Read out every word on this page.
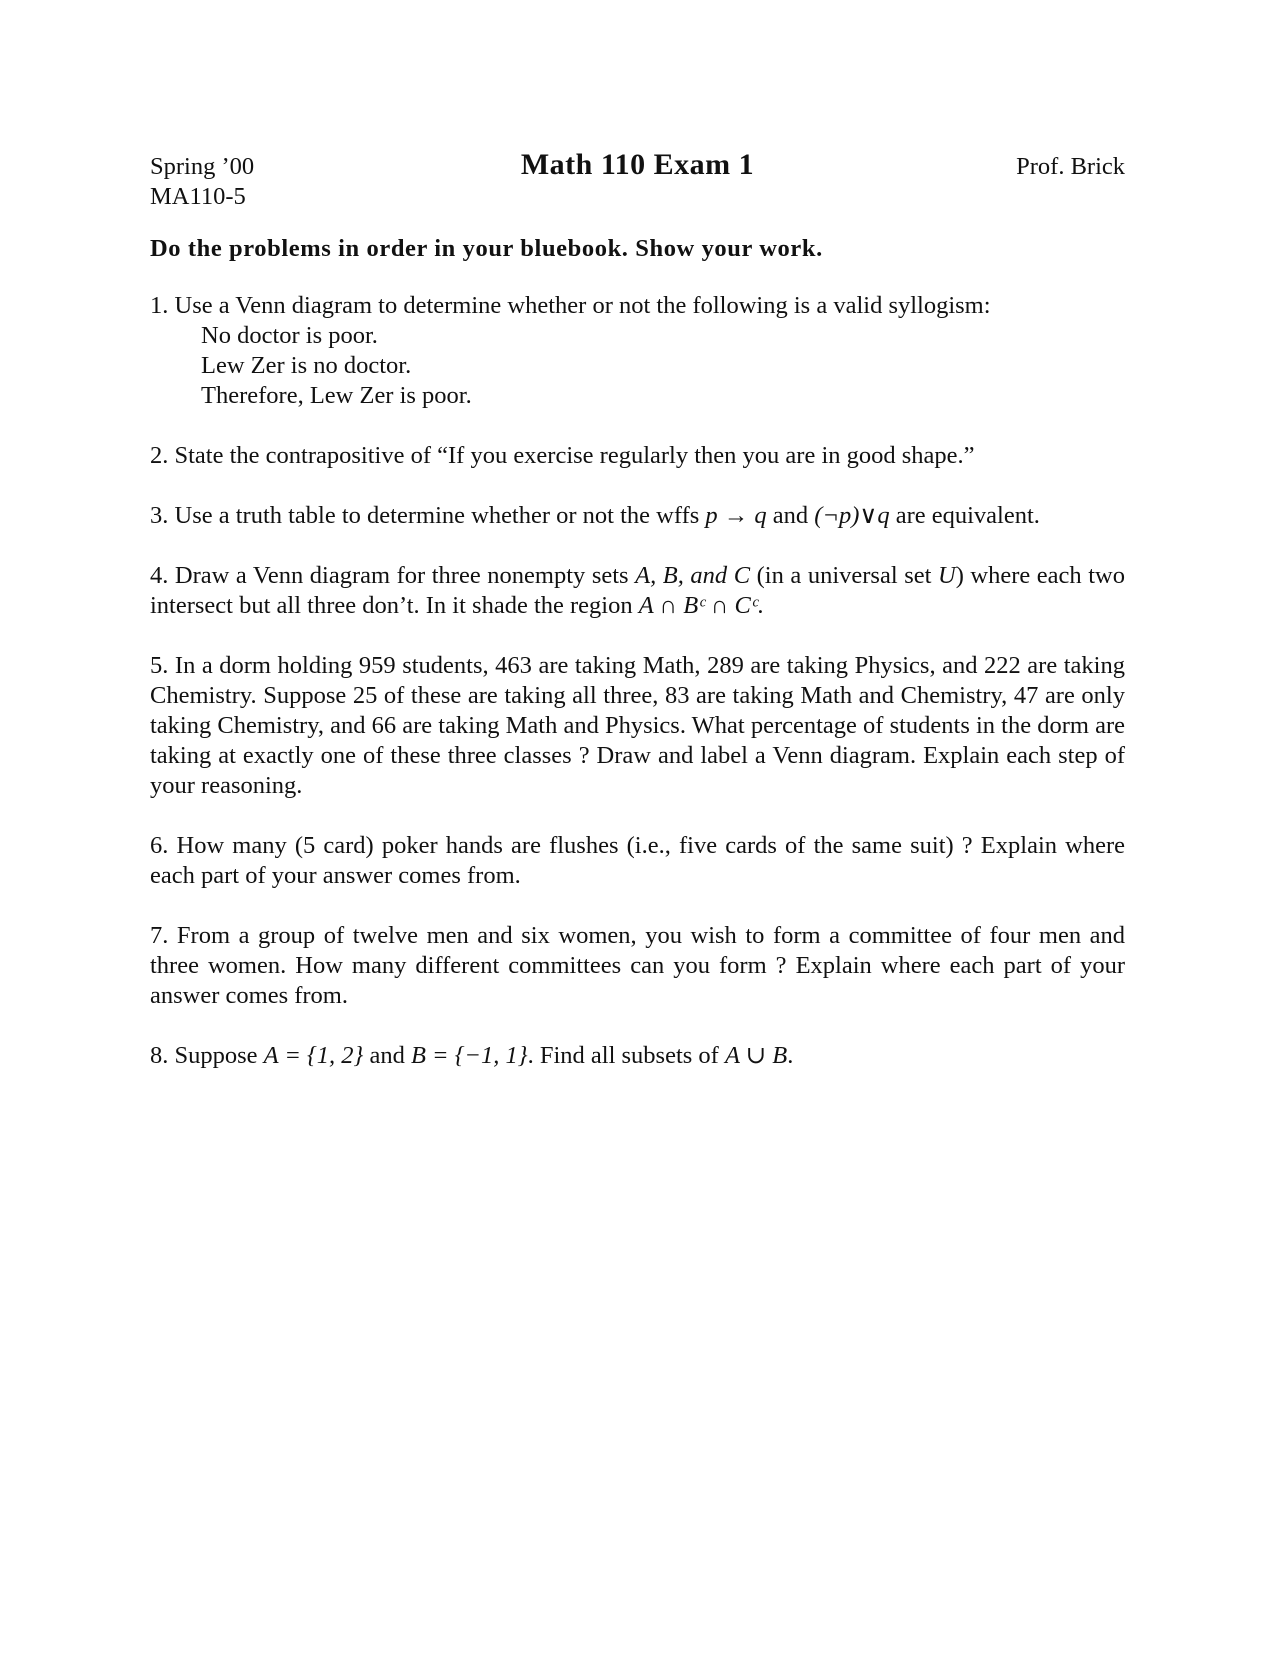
Spring ’00
MA110-5
Math 110 Exam 1	Prof. Brick
Do the problems in order in your bluebook. Show your work.
1. Use a Venn diagram to determine whether or not the following is a valid syllogism:
No doctor is poor.
Lew Zer is no doctor.
Therefore, Lew Zer is poor.
2. State the contrapositive of “If you exercise regularly then you are in good shape.”
3. Use a truth table to determine whether or not the wffs p → q and (¬p)∨q are equivalent.
4. Draw a Venn diagram for three nonempty sets A, B, and C (in a universal set U) where each two intersect but all three don’t. In it shade the region A ∩ Bᶜ ∩ Cᶜ.
5. In a dorm holding 959 students, 463 are taking Math, 289 are taking Physics, and 222 are taking Chemistry. Suppose 25 of these are taking all three, 83 are taking Math and Chemistry, 47 are only taking Chemistry, and 66 are taking Math and Physics. What percentage of students in the dorm are taking at exactly one of these three classes ? Draw and label a Venn diagram. Explain each step of your reasoning.
6. How many (5 card) poker hands are flushes (i.e., five cards of the same suit) ? Explain where each part of your answer comes from.
7. From a group of twelve men and six women, you wish to form a committee of four men and three women. How many different committees can you form ? Explain where each part of your answer comes from.
8. Suppose A = {1, 2} and B = {−1, 1}. Find all subsets of A ∪ B.
